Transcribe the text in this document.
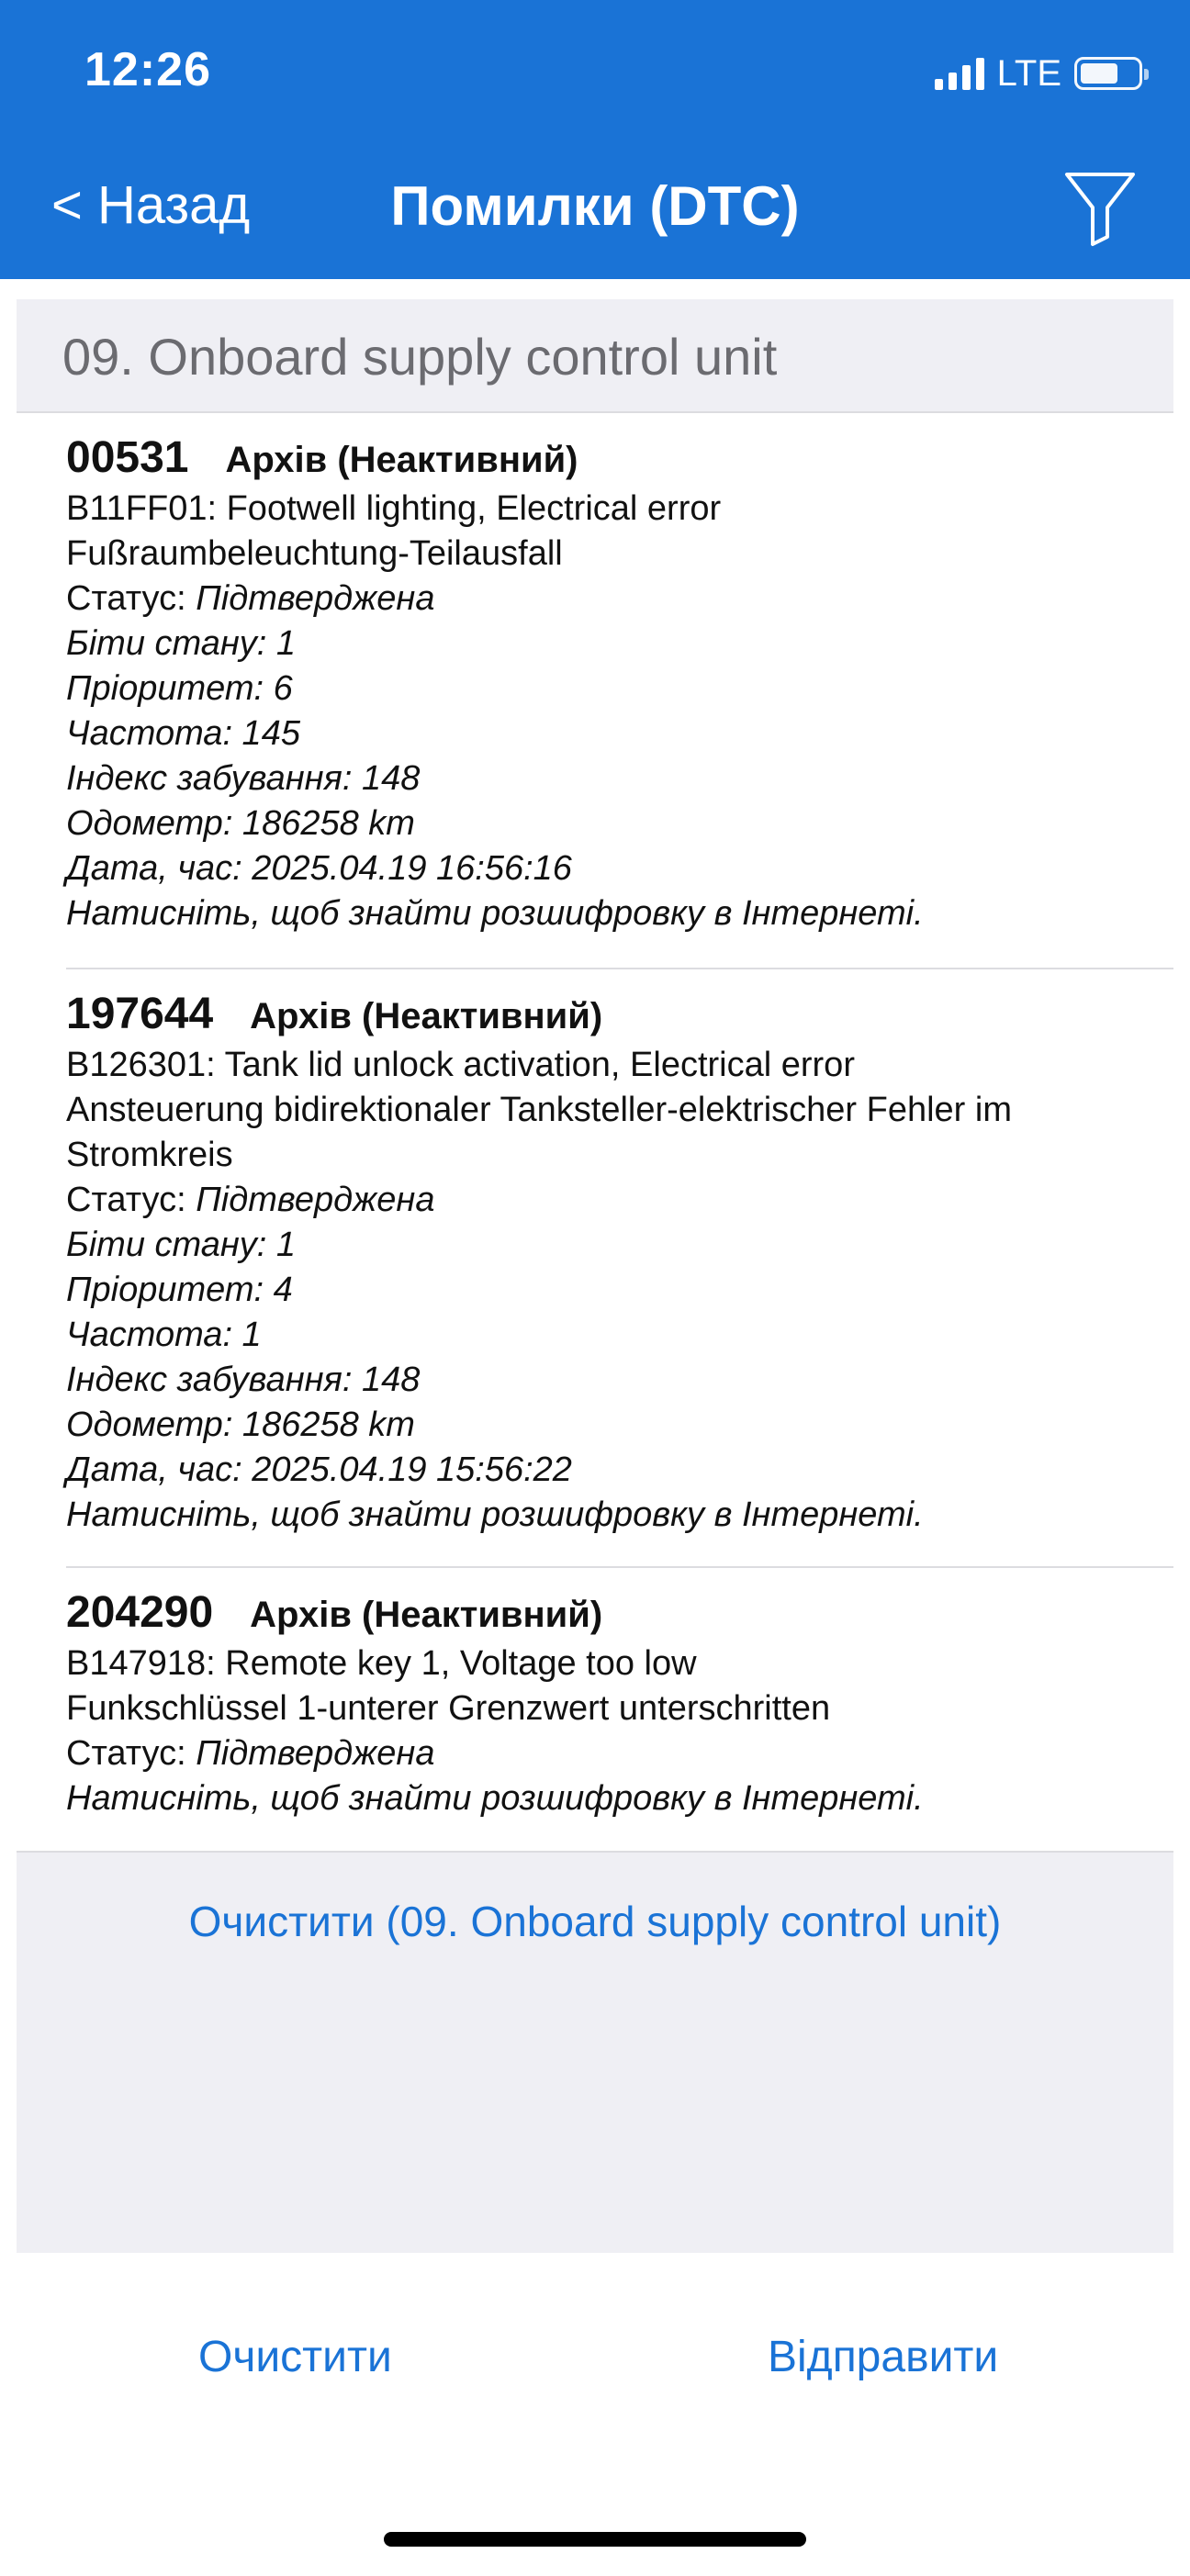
12:26	LTE
< Назад	Помилки (DTC)
09. Onboard supply control unit
00531 Архів (Неактивний)
B11FF01: Footwell lighting, Electrical error
Fußraumbeleuchtung-Teilausfall
Статус: Підтверджена
Біти стану: 1
Пріоритет: 6
Частота: 145
Індекс забування: 148
Одометр: 186258 km
Дата, час: 2025.04.19 16:56:16
Натисніть, щоб знайти розшифровку в Інтернеті.
197644 Архів (Неактивний)
B126301: Tank lid unlock activation, Electrical error
Ansteuerung bidirektionaler Tanksteller-elektrischer Fehler im Stromkreis
Статус: Підтверджена
Біти стану: 1
Пріоритет: 4
Частота: 1
Індекс забування: 148
Одометр: 186258 km
Дата, час: 2025.04.19 15:56:22
Натисніть, щоб знайти розшифровку в Інтернеті.
204290 Архів (Неактивний)
B147918: Remote key 1, Voltage too low
Funkschlüssel 1-unterer Grenzwert unterschritten
Статус: Підтверджена
Натисніть, щоб знайти розшифровку в Інтернеті.
Очистити (09. Onboard supply control unit)
Очистити	Відправити
